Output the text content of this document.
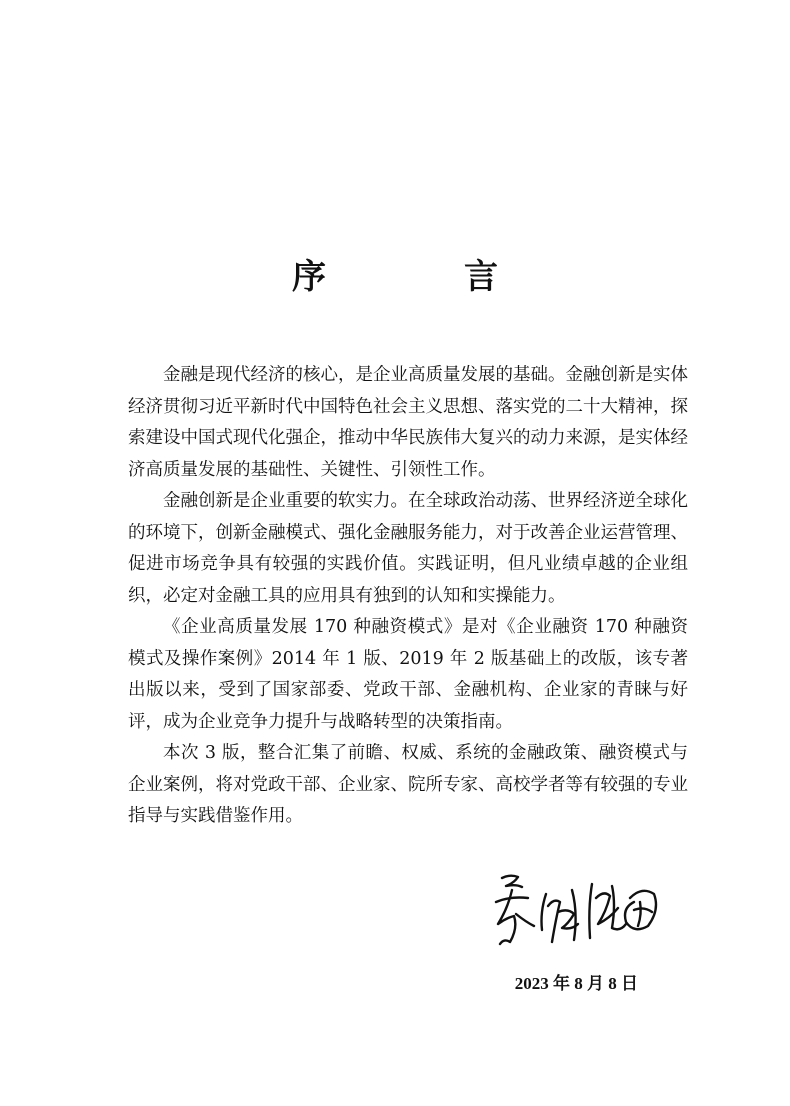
序　言

金融是现代经济的核心，是企业高质量发展的基础。金融创新是实体经济贯彻习近平新时代中国特色社会主义思想、落实党的二十大精神，探索建设中国式现代化强企，推动中华民族伟大复兴的动力来源，是实体经济高质量发展的基础性、关键性、引领性工作。

金融创新是企业重要的软实力。在全球政治动荡、世界经济逆全球化的环境下，创新金融模式、强化金融服务能力，对于改善企业运营管理、促进市场竞争具有较强的实践价值。实践证明，但凡业绩卓越的企业组织，必定对金融工具的应用具有独到的认知和实操能力。

《企业高质量发展 170 种融资模式》是对《企业融资 170 种融资模式及操作案例》2014 年 1 版、2019 年 2 版基础上的改版，该专著出版以来，受到了国家部委、党政干部、金融机构、企业家的青睐与好评，成为企业竞争力提升与战略转型的决策指南。

本次 3 版，整合汇集了前瞻、权威、系统的金融政策、融资模式与企业案例，将对党政干部、企业家、院所专家、高校学者等有较强的专业指导与实践借鉴作用。

2023 年 8 月 8 日
